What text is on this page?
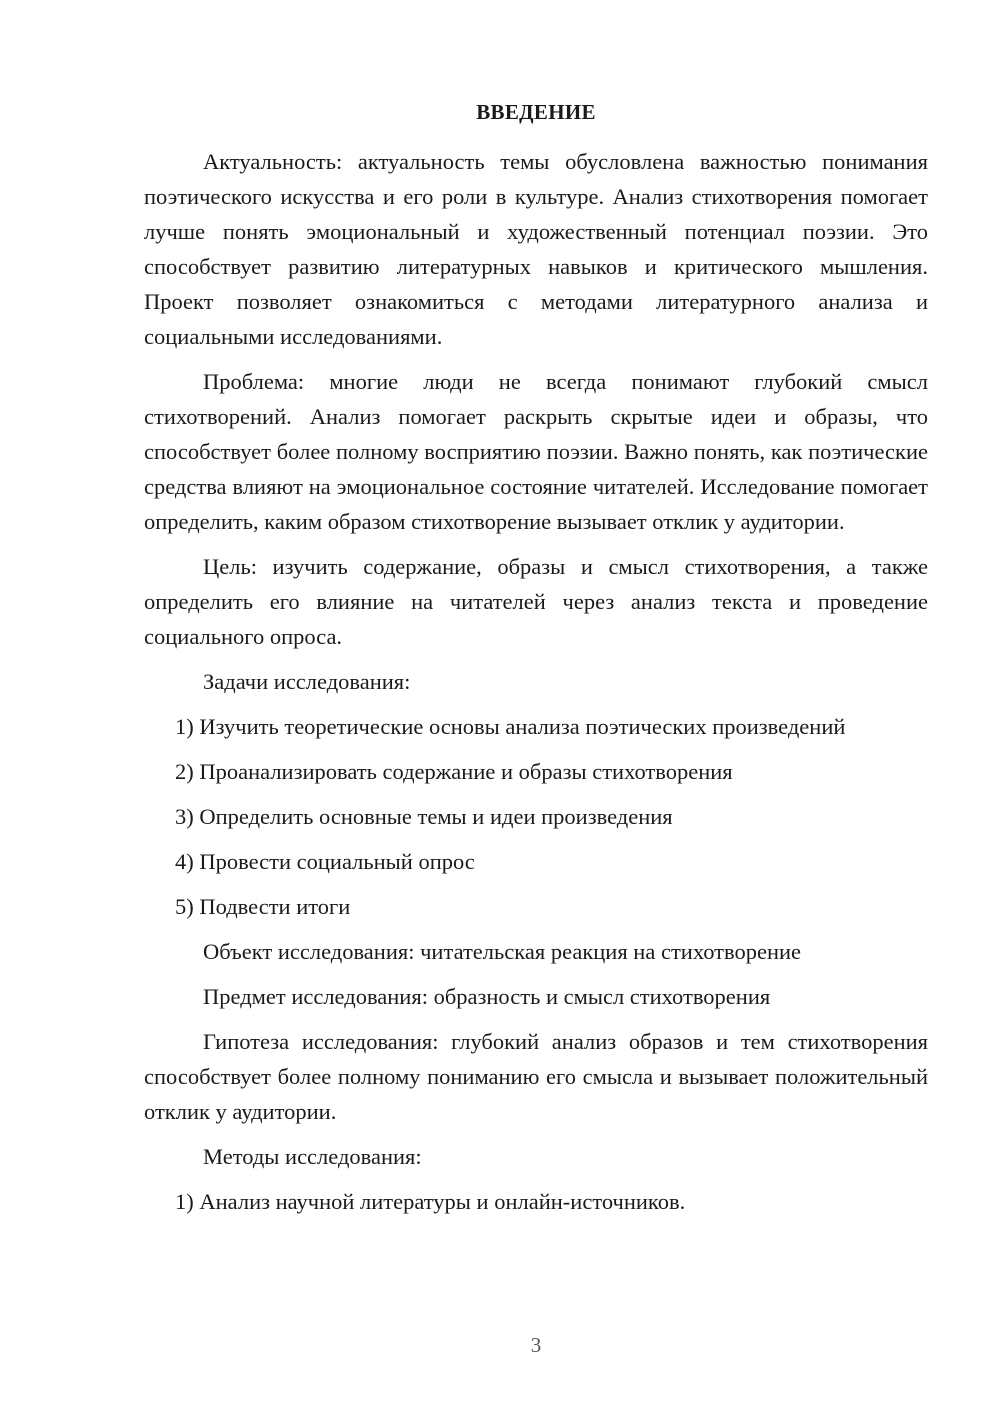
ВВЕДЕНИЕ

Актуальность: актуальность темы обусловлена важностью понимания поэтического искусства и его роли в культуре. Анализ стихотворения помогает лучше понять эмоциональный и художественный потенциал поэзии. Это способствует развитию литературных навыков и критического мышления. Проект позволяет ознакомиться с методами литературного анализа и социальными исследованиями.

Проблема: многие люди не всегда понимают глубокий смысл стихотворений. Анализ помогает раскрыть скрытые идеи и образы, что способствует более полному восприятию поэзии. Важно понять, как поэтические средства влияют на эмоциональное состояние читателей. Исследование помогает определить, каким образом стихотворение вызывает отклик у аудитории.

Цель: изучить содержание, образы и смысл стихотворения, а также определить его влияние на читателей через анализ текста и проведение социального опроса.

Задачи исследования:

1) Изучить теоретические основы анализа поэтических произведений

2) Проанализировать содержание и образы стихотворения

3) Определить основные темы и идеи произведения

4) Провести социальный опрос

5) Подвести итоги

Объект исследования: читательская реакция на стихотворение

Предмет исследования: образность и смысл стихотворения

Гипотеза исследования: глубокий анализ образов и тем стихотворения способствует более полному пониманию его смысла и вызывает положительный отклик у аудитории.

Методы исследования:

1) Анализ научной литературы и онлайн-источников.

3
